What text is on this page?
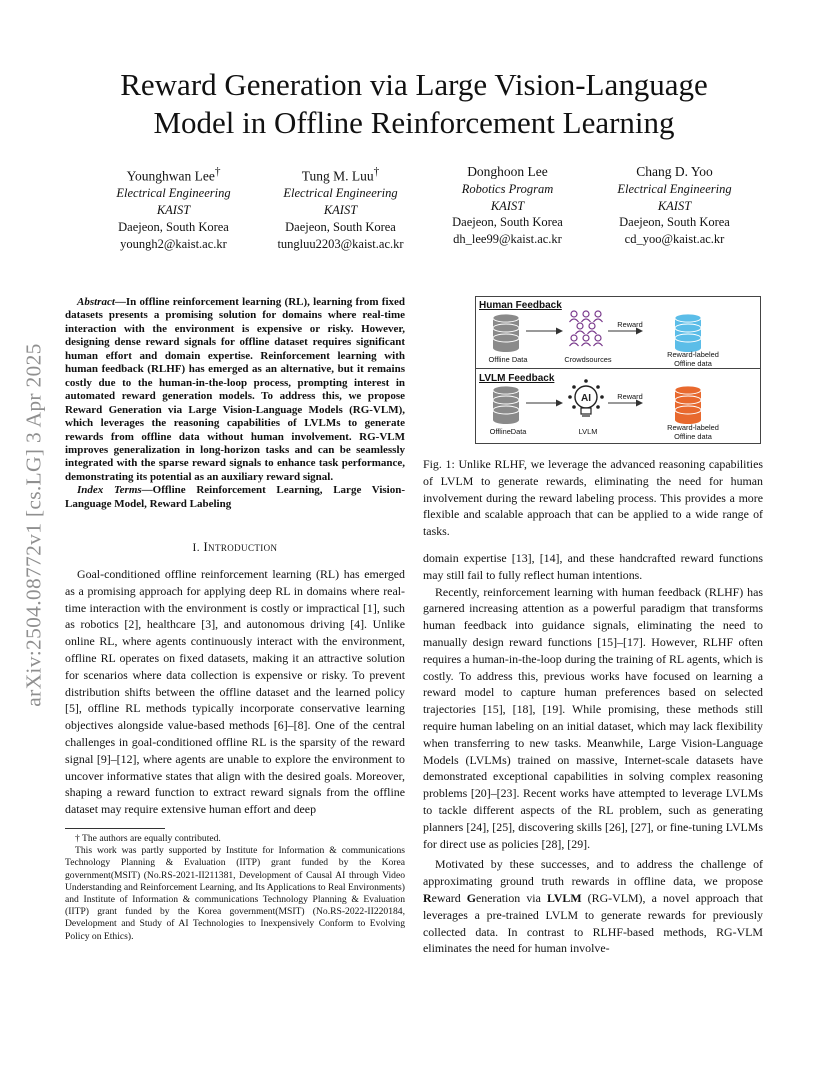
arXiv:2504.08772v1 [cs.LG] 3 Apr 2025
Reward Generation via Large Vision-Language
Model in Offline Reinforcement Learning
Younghwan Lee†
Electrical Engineering
KAIST
Daejeon, South Korea
youngh2@kaist.ac.kr
Tung M. Luu†
Electrical Engineering
KAIST
Daejeon, South Korea
tungluu2203@kaist.ac.kr
Donghoon Lee
Robotics Program
KAIST
Daejeon, South Korea
dh_lee99@kaist.ac.kr
Chang D. Yoo
Electrical Engineering
KAIST
Daejeon, South Korea
cd_yoo@kaist.ac.kr

Abstract—In offline reinforcement learning (RL), learning from fixed datasets presents a promising solution for domains where real-time interaction with the environment is expensive or risky. However, designing dense reward signals for offline dataset requires significant human effort and domain expertise. Reinforcement learning with human feedback (RLHF) has emerged as an alternative, but it remains costly due to the human-in-the-loop process, prompting interest in automated reward generation models. To address this, we propose Reward Generation via Large Vision-Language Models (RG-VLM), which leverages the reasoning capabilities of LVLMs to generate rewards from offline data without human involvement. RG-VLM improves generalization in long-horizon tasks and can be seamlessly integrated with the sparse reward signals to enhance task performance, demonstrating its potential as an auxiliary reward signal.

Index Terms—Offline Reinforcement Learning, Large Vision-Language Model, Reward Labeling

I. Introduction

Goal-conditioned offline reinforcement learning (RL) has emerged as a promising approach for applying deep RL in domains where real-time interaction with the environment is costly or impractical [1], such as robotics [2], healthcare [3], and autonomous driving [4]. Unlike online RL, where agents continuously interact with the environment, offline RL operates on fixed datasets, making it an attractive solution for scenarios where data collection is expensive or risky. To prevent distribution shifts between the offline dataset and the learned policy [5], offline RL methods typically incorporate conservative learning objectives alongside value-based methods [6]–[8]. One of the central challenges in goal-conditioned offline RL is the sparsity of the reward signal [9]–[12], where agents are unable to explore the environment to uncover informative states that align with the desired goals. Moreover, shaping a reward function to extract reward signals from the offline dataset may require extensive human effort and deep

† The authors are equally contributed.

This work was partly supported by Institute for Information & communications Technology Planning & Evaluation (IITP) grant funded by the Korea government(MSIT) (No.RS-2021-II211381, Development of Causal AI through Video Understanding and Reinforcement Learning, and Its Applications to Real Environments) and Institute of Information & communications Technology Planning & Evaluation (IITP) grant funded by the Korea government(MSIT) (No.RS-2022-II220184, Development and Study of AI Technologies to Inexpensively Conform to Evolving Policy on Ethics).

AI
Human Feedback
LVLM Feedback
Offline Data	Crowdsources
Reward
Reward-labeled Offline data
OfflineData	LVLM
Reward
Reward-labeled Offline data

Fig. 1: Unlike RLHF, we leverage the advanced reasoning capabilities of LVLM to generate rewards, eliminating the need for human involvement during the reward labeling process. This provides a more flexible and scalable approach that can be applied to a wide range of tasks.

domain expertise [13], [14], and these handcrafted reward functions may still fail to fully reflect human intentions.

Recently, reinforcement learning with human feedback (RLHF) has garnered increasing attention as a powerful paradigm that transforms human feedback into guidance signals, eliminating the need to manually design reward functions [15]–[17]. However, RLHF often requires a human-in-the-loop during the training of RL agents, which is costly. To address this, previous works have focused on learning a reward model to capture human preferences based on selected trajectories [15], [18], [19]. While promising, these methods still require human labeling on an initial dataset, which may lack flexibility when transferring to new tasks. Meanwhile, Large Vision-Language Models (LVLMs) trained on massive, Internet-scale datasets have demonstrated exceptional capabilities in solving complex reasoning problems [20]–[23]. Recent works have attempted to leverage LVLMs to tackle different aspects of the RL problem, such as generating planners [24], [25], discovering skills [26], [27], or fine-tuning LVLMs for direct use as policies [28], [29].

Motivated by these successes, and to address the challenge of approximating ground truth rewards in offline data, we propose Reward Generation via LVLM (RG-VLM), a novel approach that leverages a pre-trained LVLM to generate rewards for previously collected data. In contrast to RLHF-based methods, RG-VLM eliminates the need for human involve-
